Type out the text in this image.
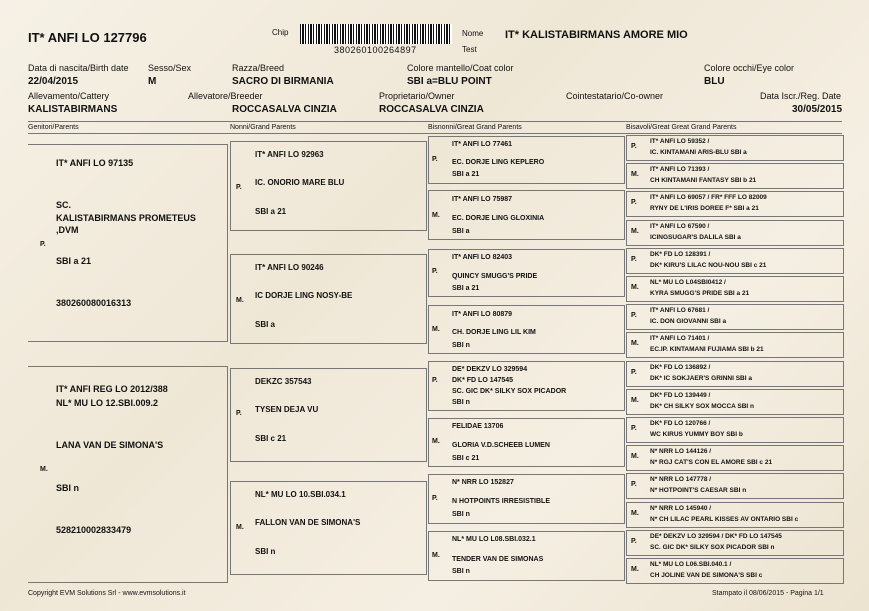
IT* ANFI LO 127796	Chip
380260100264897
Nome
Test
IT* KALISTABIRMANS AMORE MIO
Data di nascita/Birth date
22/04/2015
Sesso/Sex
M
Razza/Breed
SACRO DI BIRMANIA
Colore mantello/Coat color
SBI a=BLU POINT
Colore occhi/Eye color
BLU
Allevamento/Cattery
KALISTABIRMANS
Allevatore/Breeder
ROCCASALVA CINZIA
Proprietario/Owner
ROCCASALVA CINZIA
Cointestatario/Co-owner	Data Iscr./Reg. Date
30/05/2015
Genitori/Parents	Nonni/Grand Parents	Bisnonni/Great Grand Parents	Bisavoli/Great Great Grand Parents
IT* ANFI LO 97135
SC.
KALISTABIRMANS PROMETEUS
,DVM
P.
SBI a 21
380260080016313
IT* ANFI REG LO 2012/388
NL* MU LO 12.SBI.009.2
LANA VAN DE SIMONA'S
M.
SBI n
528210002833479
IT* ANFI LO 92963
P.
IC. ONORIO MARE BLU
SBI a 21
IT* ANFI LO 90246
M.
IC DORJE LING NOSY-BE
SBI a
DEKZC 357543
P. TYSEN DEJA VU
SBI c 21
NL* MU LO 10.SBI.034.1
M.
FALLON VAN DE SIMONA'S
SBI n
P.
IT* ANFI LO 77461
EC. DORJE LING KEPLERO
SBI a 21
M.
IT* ANFI LO 75987
EC. DORJE LING GLOXINIA
SBI a
P.
IT* ANFI LO 82403
QUINCY SMUGG'S PRIDE
SBI a 21
M.
IT* ANFI LO 80879
CH. DORJE LING LIL KIM
SBI n
P.
DE* DEKZV LO 329594
DK* FD LO 147545
SC. GIC DK* SILKY SOX PICADOR
SBI n
M.
FELIDAE 13706
GLORIA V.D.SCHEEB LUMEN
SBI c 21
P.
N* NRR LO 152827
N HOTPOINTS IRRESISTIBLE
SBI n
M.
NL* MU LO L08.SBI.032.1
TENDER VAN DE SIMONAS
SBI n
P.
IT* ANFI LO 59352 /
IC. KINTAMANI ARIS-BLU SBI a
M.
IT* ANFI LO 71393 /
CH KINTAMANI FANTASY SBI b 21
P.
IT* ANFI LO 69057 / FR* FFF LO 82009
RYNY DE L'IRIS DOREE F* SBI a 21
M.
IT* ANFI LO 67590 /
ICINGSUGAR'S DALILA SBI a
P.
DK* FD LO 128391 /
DK* KIRU'S LILAC NOU-NOU SBI c 21
M.
NL* MU LO L04SBI0412 /
KYRA SMUGG'S PRIDE SBI a 21
P.
IT* ANFI LO 67681 /
IC. DON GIOVANNI SBI a
M.
IT* ANFI LO 71401 /
EC.IP. KINTAMANI FUJIAMA SBI b 21
P.
DK* FD LO 136892 /
DK* IC SOKJAER'S GRINNI SBI a
M.
DK* FD LO 139449 /
DK* CH SILKY SOX MOCCA SBI n
P.
DK* FD LO 120766 /
WC KIRUS YUMMY BOY SBI b
M.
N* NRR LO 144126 /
N* RGJ CAT'S CON EL AMORE SBI c 21
P.
N* NRR LO 147778 /
N* HOTPOINT'S CAESAR SBI n
M.
N* NRR LO 145940 /
N* CH LILAC PEARL KISSES AV ONTARIO SBI c
P.
DE* DEKZV LO 329594 / DK* FD LO 147545
SC. GIC DK* SILKY SOX PICADOR SBI n
M.
NL* MU LO L06.SBI.040.1 /
CH JOLINE VAN DE SIMONA'S SBI c
Copyright EVM Solutions Srl - www.evmsolutions.it	Stampato il 08/06/2015 - Pagina 1/1
